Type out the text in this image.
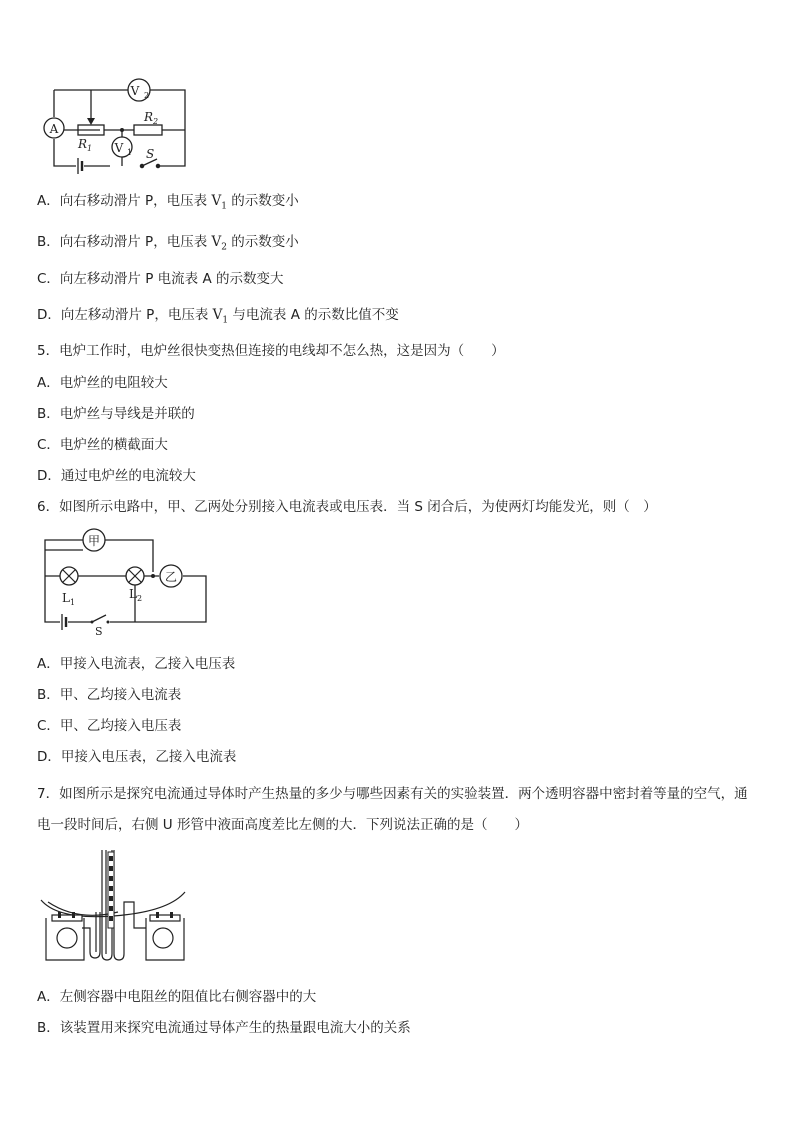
A
V 2
V 1
R 1
R 2
S
A．向右移动滑片 P，电压表 $V_1$ 的示数变小
B．向右移动滑片 P，电压表 $V_2$ 的示数变小
C．向左移动滑片 P 电流表 A 的示数变大
D．向左移动滑片 P，电压表 $V_1$ 与电流表 A 的示数比值不变
5．电炉工作时，电炉丝很快变热但连接的电线却不怎么热，这是因为（　　）
A．电炉丝的电阻较大
B．电炉丝与导线是并联的
C．电炉丝的横截面大
D．通过电炉丝的电流较大
6．如图所示电路中，甲、乙两处分别接入电流表或电压表．当 S 闭合后，为使两灯均能发光，则（　）
甲
乙
L 1
L 2
S
A．甲接入电流表，乙接入电压表
B．甲、乙均接入电流表
C．甲、乙均接入电压表
D．甲接入电压表，乙接入电流表
7．如图所示是探究电流通过导体时产生热量的多少与哪些因素有关的实验装置．两个透明容器中密封着等量的空气，通电一段时间后，右侧 U 形管中液面高度差比左侧的大．下列说法正确的是（　　）
A．左侧容器中电阻丝的阻值比右侧容器中的大
B．该装置用来探究电流通过导体产生的热量跟电流大小的关系
